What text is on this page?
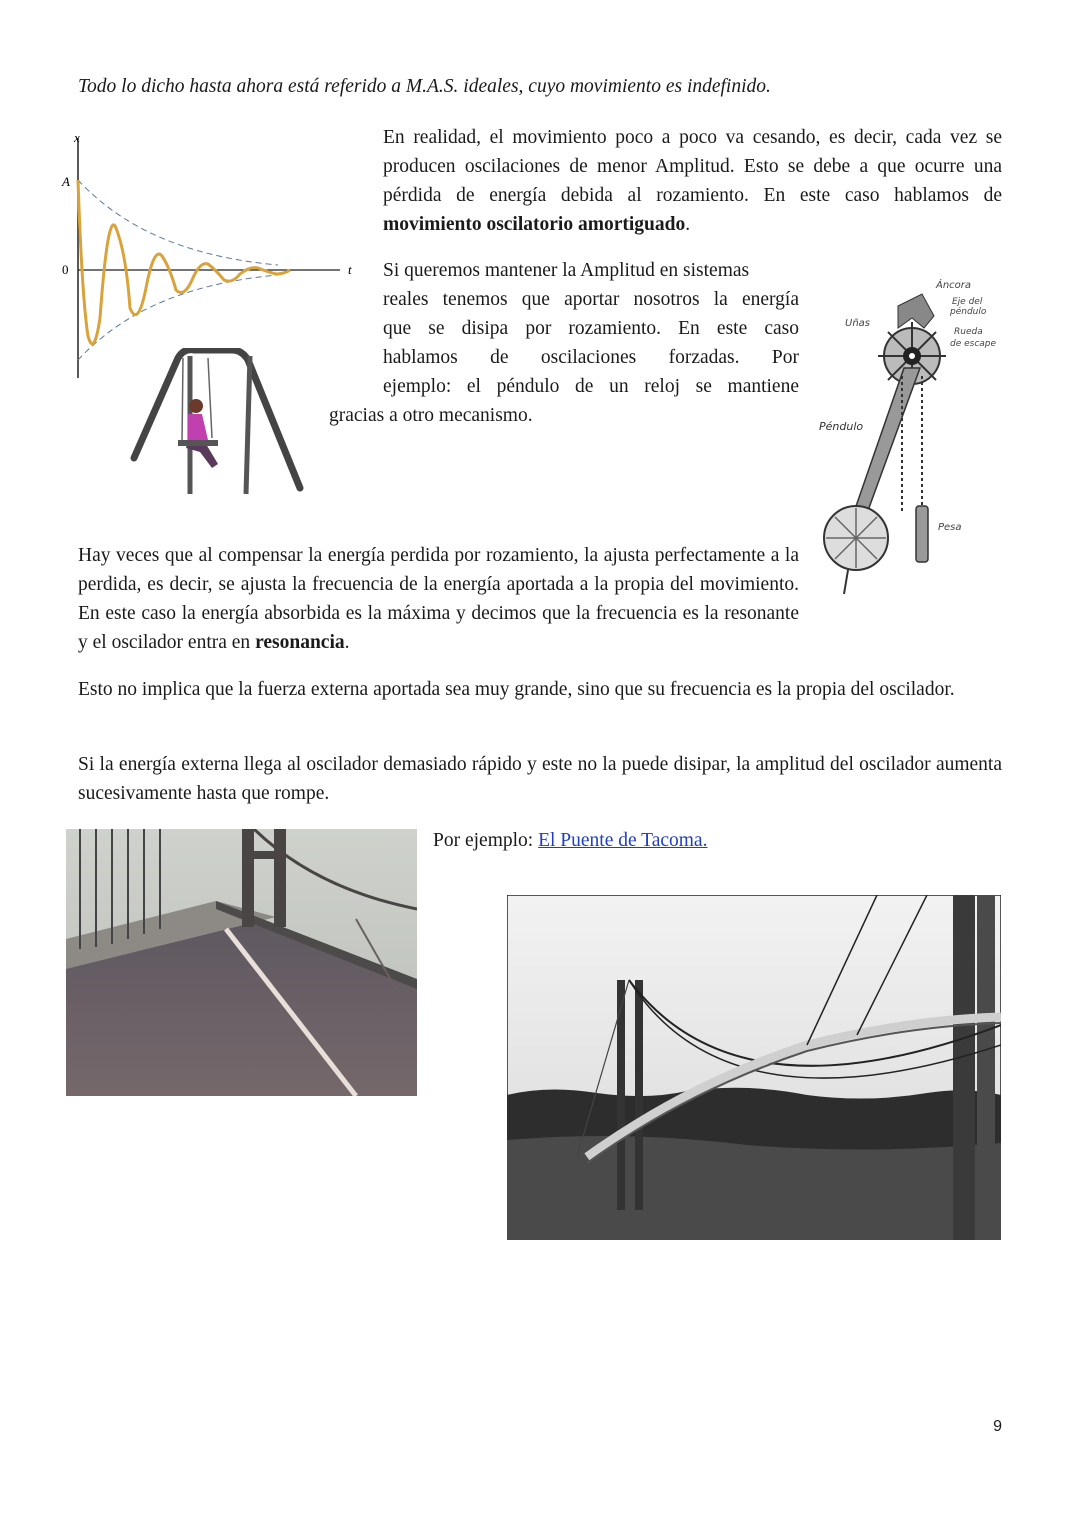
Todo lo dicho hasta ahora está referido a M.A.S. ideales, cuyo movimiento es indefinido.
x
A
0	t

En realidad, el movimiento poco a poco va cesando, es decir, cada vez se producen oscilaciones de menor Amplitud. Esto se debe a que ocurre una pérdida de energía debida al rozamiento. En este caso hablamos de movimiento oscilatorio amortiguado.

Si queremos mantener la Amplitud en sistemas
reales tenemos que aportar nosotros la energía
que se disipa por rozamiento. En este caso
hablamos de oscilaciones forzadas. Por
ejemplo: el péndulo de un reloj se mantiene
gracias a otro mecanismo.
Áncora
Eje del
péndulo
Uñas
Rueda
de escape
Péndulo
Pesa

Hay veces que al compensar la energía perdida por rozamiento, la ajusta perfectamente a la perdida, es decir, se ajusta la frecuencia de la energía aportada a la propia del movimiento. En este caso la energía absorbida es la máxima y decimos que la frecuencia es la resonante y el oscilador entra en resonancia.

Esto no implica que la fuerza externa aportada sea muy grande, sino que su frecuencia es la propia del oscilador.

Si la energía externa llega al oscilador demasiado rápido y este no la puede disipar, la amplitud del oscilador aumenta sucesivamente hasta que rompe.

Por ejemplo: El Puente de Tacoma.
9
